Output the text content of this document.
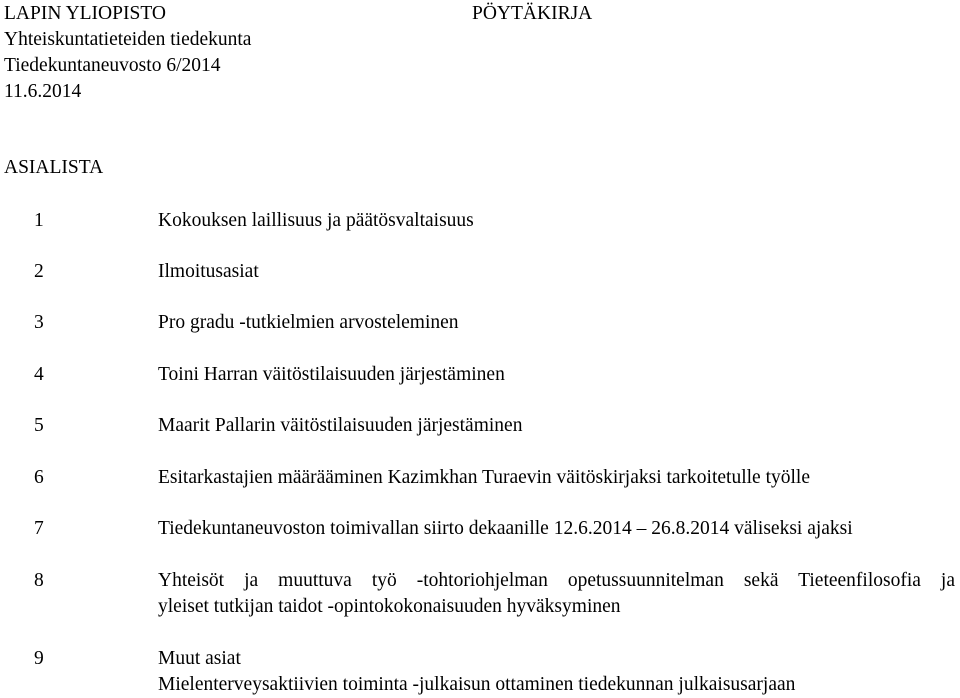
LAPIN YLIOPISTO
Yhteiskuntatieteiden tiedekunta
Tiedekuntaneuvosto 6/2014
11.6.2014
PÖYTÄKIRJA
ASIALISTA
1	Kokouksen laillisuus ja päätösvaltaisuus
2	Ilmoitusasiat
3	Pro gradu -tutkielmien arvosteleminen
4	Toini Harran väitöstilaisuuden järjestäminen
5	Maarit Pallarin väitöstilaisuuden järjestäminen
6	Esitarkastajien määrääminen Kazimkhan Turaevin väitöskirjaksi tarkoitetulle työlle
7	Tiedekuntaneuvoston toimivallan siirto dekaanille 12.6.2014 – 26.8.2014 väliseksi ajaksi
8	Yhteisöt ja muuttuva työ -tohtoriohjelman opetussuunnitelman sekä Tieteenfilosofia ja
yleiset tutkijan taidot -opintokokonaisuuden hyväksyminen
9	Muut asiat
Mielenterveysaktiivien toiminta -julkaisun ottaminen tiedekunnan julkaisusarjaan
